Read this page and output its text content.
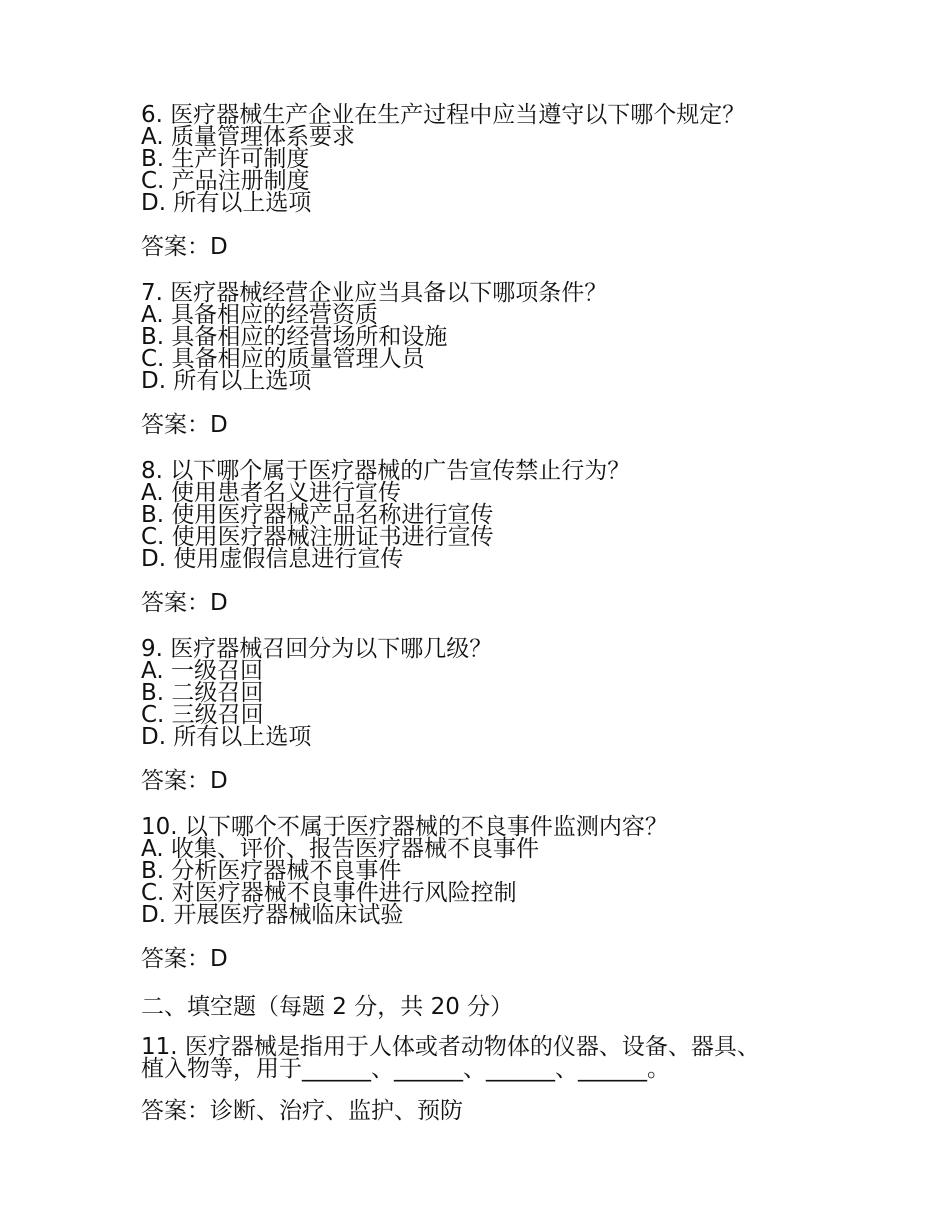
6. 医疗器械生产企业在生产过程中应当遵守以下哪个规定？

A. 质量管理体系要求

B. 生产许可制度

C. 产品注册制度

D. 所有以上选项

答案：D

7. 医疗器械经营企业应当具备以下哪项条件？

A. 具备相应的经营资质

B. 具备相应的经营场所和设施

C. 具备相应的质量管理人员

D. 所有以上选项

答案：D

8. 以下哪个属于医疗器械的广告宣传禁止行为？

A. 使用患者名义进行宣传

B. 使用医疗器械产品名称进行宣传

C. 使用医疗器械注册证书进行宣传

D. 使用虚假信息进行宣传

答案：D

9. 医疗器械召回分为以下哪几级？

A. 一级召回

B. 二级召回

C. 三级召回

D. 所有以上选项

答案：D

10. 以下哪个不属于医疗器械的不良事件监测内容？

A. 收集、评价、报告医疗器械不良事件

B. 分析医疗器械不良事件

C. 对医疗器械不良事件进行风险控制

D. 开展医疗器械临床试验

答案：D

二、填空题（每题 2 分，共 20 分）

11. 医疗器械是指用于人体或者动物体的仪器、设备、器具、

植入物等，用于______、______、______、______。

答案：诊断、治疗、监护、预防
